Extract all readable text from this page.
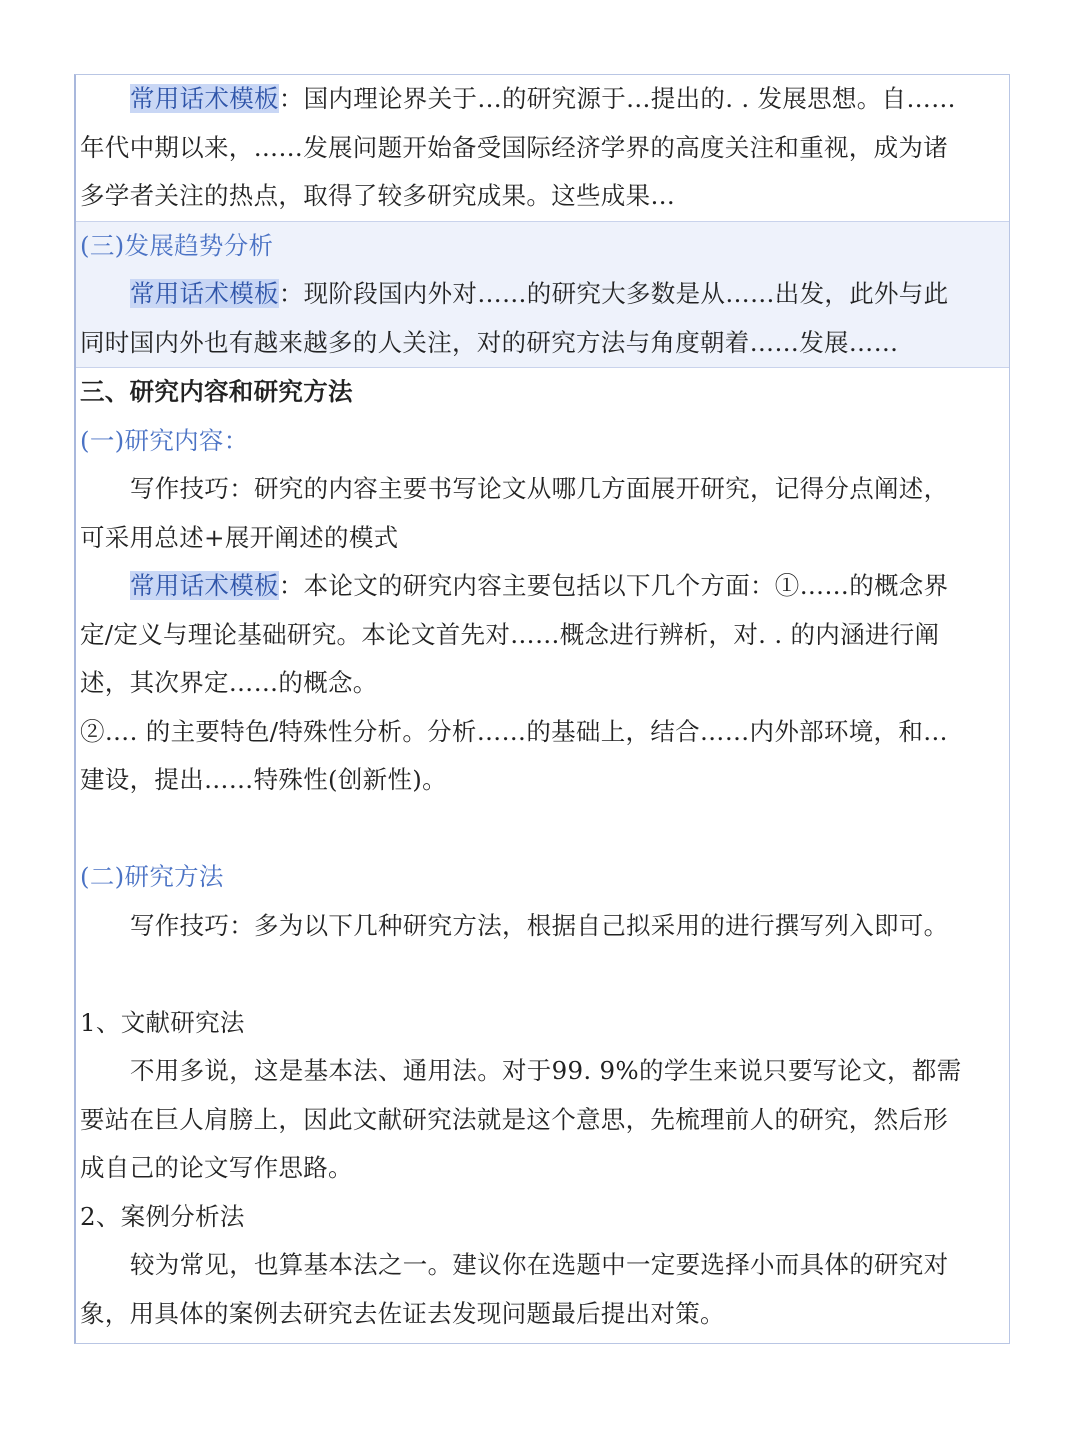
常用话术模板：国内理论界关于…的研究源于…提出的. . 发展思想。自……
年代中期以来，……发展问题开始备受国际经济学界的高度关注和重视，成为诸
多学者关注的热点，取得了较多研究成果。这些成果…
(三)发展趋势分析
常用话术模板：现阶段国内外对……的研究大多数是从……出发，此外与此
同时国内外也有越来越多的人关注，对的研究方法与角度朝着……发展……
三、研究内容和研究方法
(一)研究内容：
写作技巧：研究的内容主要书写论文从哪几方面展开研究，记得分点阐述，
可采用总述+展开阐述的模式
常用话术模板：本论文的研究内容主要包括以下几个方面：①……的概念界
定/定义与理论基础研究。本论文首先对……概念进行辨析，对. . 的内涵进行阐
述，其次界定……的概念。
②…. 的主要特色/特殊性分析。分析……的基础上，结合……内外部环境，和…
建设，提出……特殊性(创新性)。
(二)研究方法
写作技巧：多为以下几种研究方法，根据自己拟采用的进行撰写列入即可。
1、文献研究法
不用多说，这是基本法、通用法。对于99. 9%的学生来说只要写论文，都需
要站在巨人肩膀上，因此文献研究法就是这个意思，先梳理前人的研究，然后形
成自己的论文写作思路。
2、案例分析法
较为常见，也算基本法之一。建议你在选题中一定要选择小而具体的研究对
象，用具体的案例去研究去佐证去发现问题最后提出对策。
